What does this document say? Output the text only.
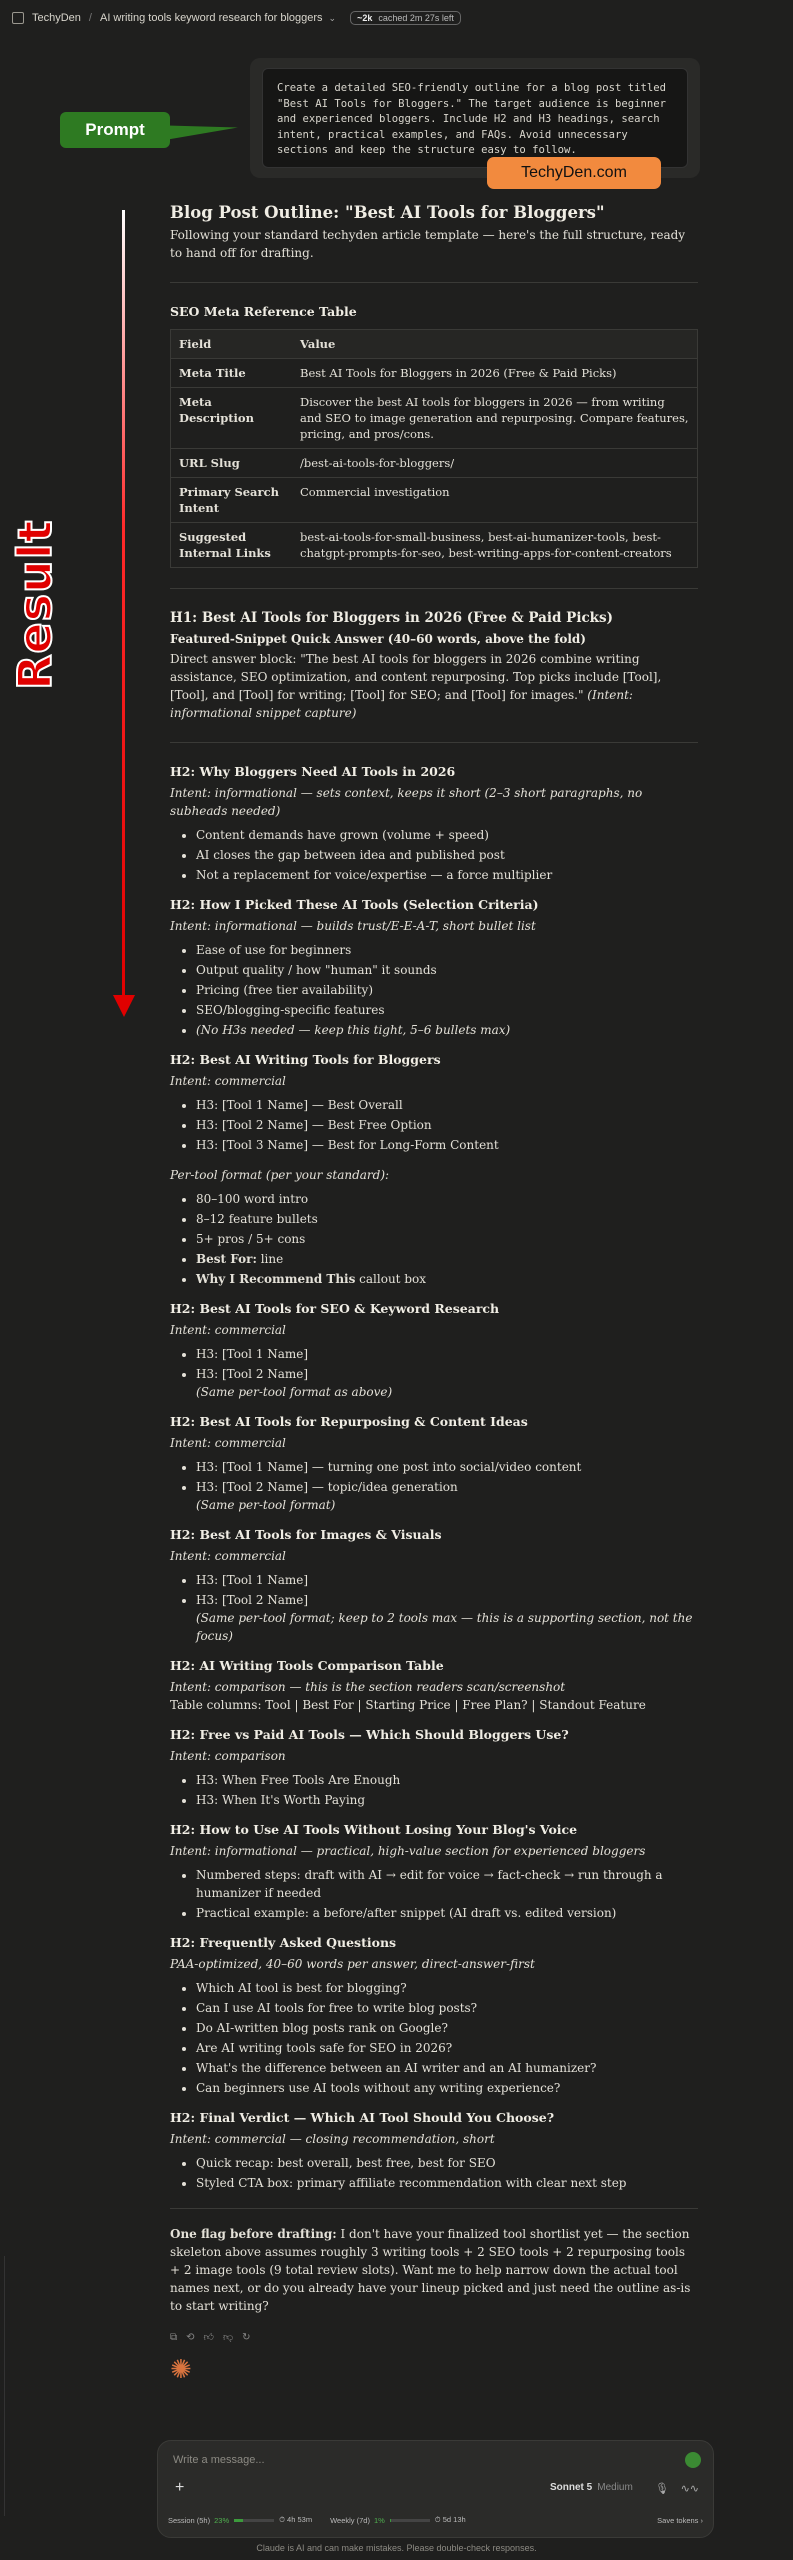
TechyDen / AI writing tools keyword research for bloggers ⌄ ~2k cached 2m 27s left
Create a detailed SEO-friendly outline for a blog post titled "Best AI Tools for Bloggers." The target audience is beginner and experienced bloggers. Include H2 and H3 headings, search intent, practical examples, and FAQs. Avoid unnecessary sections and keep the structure easy to follow.
Prompt
TechyDen.com
Result
Blog Post Outline: "Best AI Tools for Bloggers"

Following your standard techyden article template — here's the full structure, ready to hand off for drafting.

SEO Meta Reference Table
Field	Value
Meta Title	Best AI Tools for Bloggers in 2026 (Free & Paid Picks)
Meta Description	Discover the best AI tools for bloggers in 2026 — from writing and SEO to image generation and repurposing. Compare features, pricing, and pros/cons.
URL Slug	/best-ai-tools-for-bloggers/
Primary Search Intent	Commercial investigation
Suggested Internal Links	best-ai-tools-for-small-business, best-ai-humanizer-tools, best-chatgpt-prompts-for-seo, best-writing-apps-for-content-creators
H1: Best AI Tools for Bloggers in 2026 (Free & Paid Picks)
Featured-Snippet Quick Answer (40–60 words, above the fold)

Direct answer block: "The best AI tools for bloggers in 2026 combine writing assistance, SEO optimization, and content repurposing. Top picks include [Tool], [Tool], and [Tool] for writing; [Tool] for SEO; and [Tool] for images." (Intent: informational snippet capture)

H2: Why Bloggers Need AI Tools in 2026
Intent: informational — sets context, keeps it short (2–3 short paragraphs, no subheads needed)
• Content demands have grown (volume + speed)
• AI closes the gap between idea and published post
• Not a replacement for voice/expertise — a force multiplier
H2: How I Picked These AI Tools (Selection Criteria)
Intent: informational — builds trust/E-E-A-T, short bullet list
• Ease of use for beginners
• Output quality / how "human" it sounds
• Pricing (free tier availability)
• SEO/blogging-specific features
• (No H3s needed — keep this tight, 5–6 bullets max)
H2: Best AI Writing Tools for Bloggers
Intent: commercial
• H3: [Tool 1 Name] — Best Overall
• H3: [Tool 2 Name] — Best Free Option
• H3: [Tool 3 Name] — Best for Long-Form Content
Per-tool format (per your standard):
• 80–100 word intro
• 8–12 feature bullets
• 5+ pros / 5+ cons
• Best For: line
• Why I Recommend This callout box
H2: Best AI Tools for SEO & Keyword Research
Intent: commercial
• H3: [Tool 1 Name]
• H3: [Tool 2 Name]
(Same per-tool format as above)
H2: Best AI Tools for Repurposing & Content Ideas
Intent: commercial
• H3: [Tool 1 Name] — turning one post into social/video content
• H3: [Tool 2 Name] — topic/idea generation
(Same per-tool format)
H2: Best AI Tools for Images & Visuals
Intent: commercial
• H3: [Tool 1 Name]
• H3: [Tool 2 Name]
(Same per-tool format; keep to 2 tools max — this is a supporting section, not the focus)
H2: AI Writing Tools Comparison Table
Intent: comparison — this is the section readers scan/screenshot

Table columns: Tool | Best For | Starting Price | Free Plan? | Standout Feature

H2: Free vs Paid AI Tools — Which Should Bloggers Use?
Intent: comparison
• H3: When Free Tools Are Enough
• H3: When It's Worth Paying
H2: How to Use AI Tools Without Losing Your Blog's Voice
Intent: informational — practical, high-value section for experienced bloggers
• Numbered steps: draft with AI → edit for voice → fact-check → run through a humanizer if needed
• Practical example: a before/after snippet (AI draft vs. edited version)
H2: Frequently Asked Questions
PAA-optimized, 40–60 words per answer, direct-answer-first
• Which AI tool is best for blogging?
• Can I use AI tools for free to write blog posts?
• Do AI-written blog posts rank on Google?
• Are AI writing tools safe for SEO in 2026?
• What's the difference between an AI writer and an AI humanizer?
• Can beginners use AI tools without any writing experience?
H2: Final Verdict — Which AI Tool Should You Choose?
Intent: commercial — closing recommendation, short
• Quick recap: best overall, best free, best for SEO
• Styled CTA box: primary affiliate recommendation with clear next step

One flag before drafting: I don't have your finalized tool shortlist yet — the section skeleton above assumes roughly 3 writing tools + 2 SEO tools + 2 repurposing tools + 2 image tools (9 total review slots). Want me to help narrow down the actual tool names next, or do you already have your lineup picked and just need the outline as-is to start writing?

⧉ ⟲ 👍︎ 👎︎ ↻
✺
Write a message...
+	Sonnet 5 Medium 🎙︎ ∿∿
Session (5h) 23%	⏱ 4h 53m Weekly (7d) 1%	⏱ 5d 13h	Save tokens ›
Claude is AI and can make mistakes. Please double-check responses.
